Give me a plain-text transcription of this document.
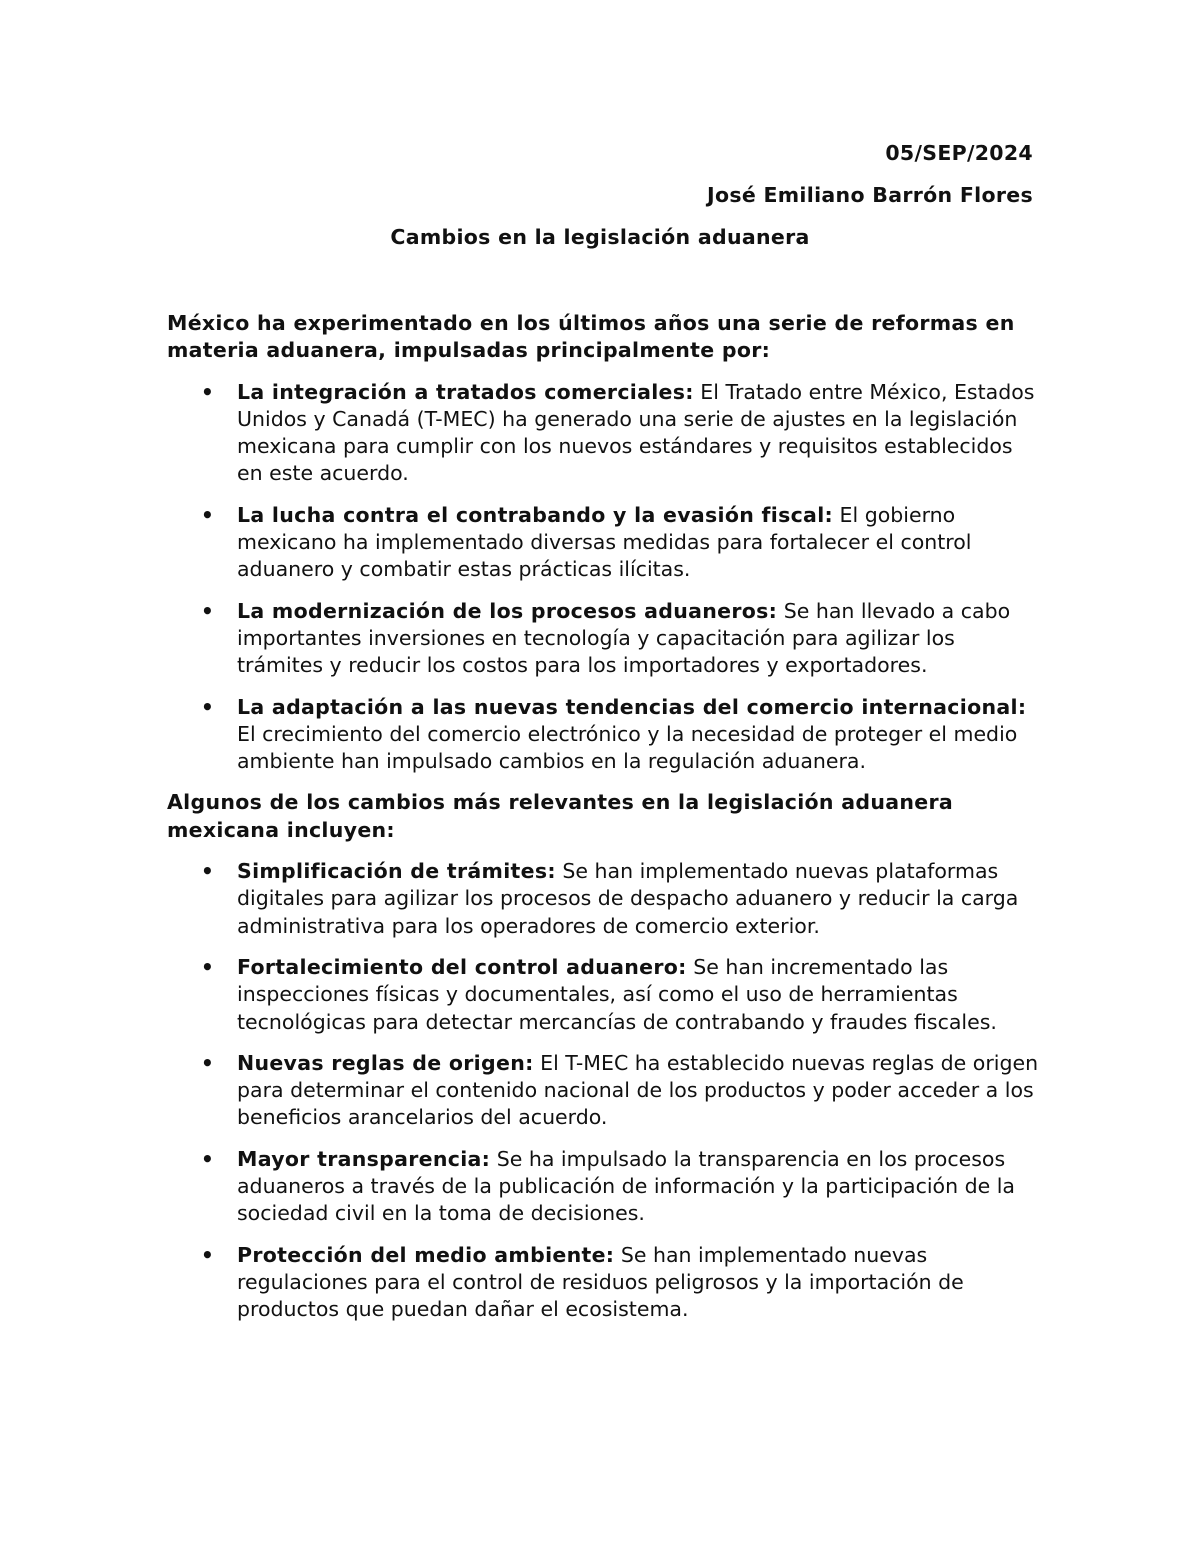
05/SEP/2024
José Emiliano Barrón Flores
Cambios en la legislación aduanera

México ha experimentado en los últimos años una serie de reformas en materia aduanera, impulsadas principalmente por:

• La integración a tratados comerciales: El Tratado entre México, Estados Unidos y Canadá (T-MEC) ha generado una serie de ajustes en la legislación mexicana para cumplir con los nuevos estándares y requisitos establecidos en este acuerdo.
• La lucha contra el contrabando y la evasión fiscal: El gobierno mexicano ha implementado diversas medidas para fortalecer el control aduanero y combatir estas prácticas ilícitas.
• La modernización de los procesos aduaneros: Se han llevado a cabo importantes inversiones en tecnología y capacitación para agilizar los trámites y reducir los costos para los importadores y exportadores.
• La adaptación a las nuevas tendencias del comercio internacional: El crecimiento del comercio electrónico y la necesidad de proteger el medio ambiente han impulsado cambios en la regulación aduanera.

Algunos de los cambios más relevantes en la legislación aduanera mexicana incluyen:

• Simplificación de trámites: Se han implementado nuevas plataformas digitales para agilizar los procesos de despacho aduanero y reducir la carga administrativa para los operadores de comercio exterior.
• Fortalecimiento del control aduanero: Se han incrementado las inspecciones físicas y documentales, así como el uso de herramientas tecnológicas para detectar mercancías de contrabando y fraudes fiscales.
• Nuevas reglas de origen: El T-MEC ha establecido nuevas reglas de origen para determinar el contenido nacional de los productos y poder acceder a los beneficios arancelarios del acuerdo.
• Mayor transparencia: Se ha impulsado la transparencia en los procesos aduaneros a través de la publicación de información y la participación de la sociedad civil en la toma de decisiones.
• Protección del medio ambiente: Se han implementado nuevas regulaciones para el control de residuos peligrosos y la importación de productos que puedan dañar el ecosistema.
